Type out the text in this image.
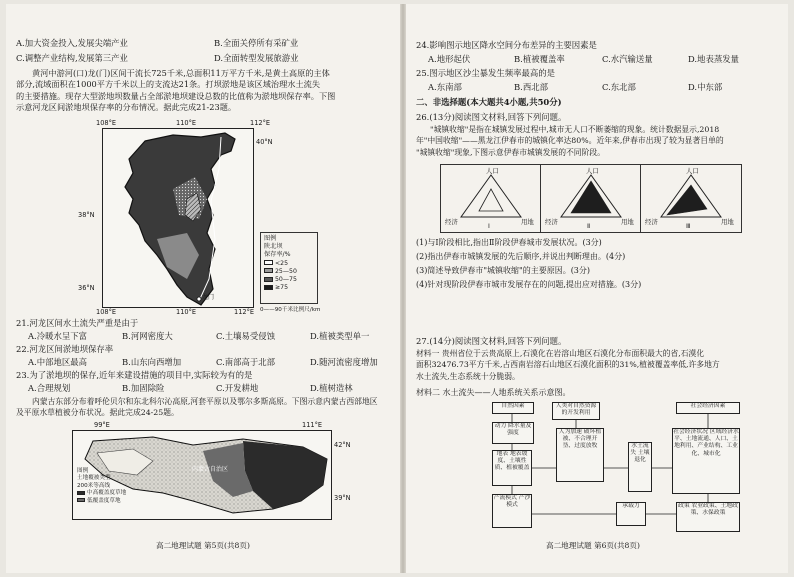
A.加大资金投入,发展尖端产业	B.全面关停所有采矿业
C.调整产业结构,发展第三产业	D.全面转型发展旅游业
黄河中游河(口)龙(门)区间干流长725千米,总面积11万平方千米,是黄土高原的主体
部分,流域面积在1000平方千米以上的支流达21条。打坝淤地是该区域治理水土流失
的主要措施。现存大型淤地坝数量占全部淤地坝建设总数的比值称为淤地坝保存率。下图
示意河龙区间淤地坝保存率的分布情况。据此完成21-23题。
108°E	110°E	112°E
40°N
38°N
36°N
108°E	110°E	112°E
龙门
图例
陕北坝
保存率/%
<25
25—50
50—75
≥75
0——90千米比例尺/km
21.河龙区间水土流失严重是由于
A.冷暖水呈下富	B.河网密度大	C.土壤易受侵蚀	D.植被类型单一
22.河龙区间淤地坝保存率
A.中部地区最高	B.山东向西增加	C.南部高于北部	D.随河流密度增加
23.为了淤地坝的保存,近年来建设措施的项目中,实际较为有的是
A.合理规划	B.加固除险	C.开发耕地	D.植树造林
内蒙古东部分布着呼伦贝尔和东北科尔沁高原,河套平原以及鄂尔多斯高原。下图示意内蒙古西部地区
及平原水草植被分布状况。据此完成24-25题。
99°E	111°E
42°N
39°N
内蒙古自治区
图例
土地覆被类型
200米等高线
中高覆盖度草地
低覆盖度草地
高二地理试题 第5页(共8页)
24.影响图示地区降水空间分布差异的主要因素是
A.地形起伏	B.植被覆盖率	C.水汽输送量	D.地表蒸发量
25.图示地区沙尘暴发生频率最高的是
A.东南部	B.西北部	C.东北部	D.中东部
二、非选择题(本大题共4小题,共50分)
26.(13分)阅读图文材料,回答下列问题。
"城镇收缩"是指在城镇发展过程中,城市无人口不断萎缩的现象。统计数据显示,2018
年"中国收缩"——黑龙江伊春市的城镇化率达80%。近年来,伊春市出现了较为显著目单的
"城镇收缩"现象,下图示意伊春市城镇发展的不同阶段。
人口
经济	用地
Ⅰ
人口
经济	用地
Ⅱ
人口
经济	用地
Ⅲ
(1)与Ⅰ阶段相比,指出Ⅱ阶段伊春城市发展状况。(3分)
(2)指出伊春市城镇发展的先后顺序,并说出判断理由。(4分)
(3)简述导致伊春市"城镇收缩"的主要原因。(3分)
(4)针对现阶段伊春市城市发展存在的问题,提出应对措施。(3分)
27.(14分)阅读图文材料,回答下列问题。
材料一 贵州省位于云贵高原上,石漠化在岩溶山地区石漠化分布面积最大的省,石漠化
面积32476.73平方千米,占西南岩溶石山地区石漠化面积的31%,植被覆盖率低,许多地方
水土流失,生态系统十分脆弱。
材料二 水土流失——人地系统关系示意图。
自然因素	人类对自然资源的开发利用
社会经济因素
动力 降水量及强度
地表 地表坡度、土壤性质、植被覆盖
人为加速 破坏植被、不合理开垦、过度放牧	水土流失 土壤退化
社会经济状况 区域经济水平、土地流通、人口、土地利用、产业结构、工业化、城市化
产流模式 产沙模式	承载力	政策 农业政策、土地政策、水保政策
高二地理试题 第6页(共8页)
